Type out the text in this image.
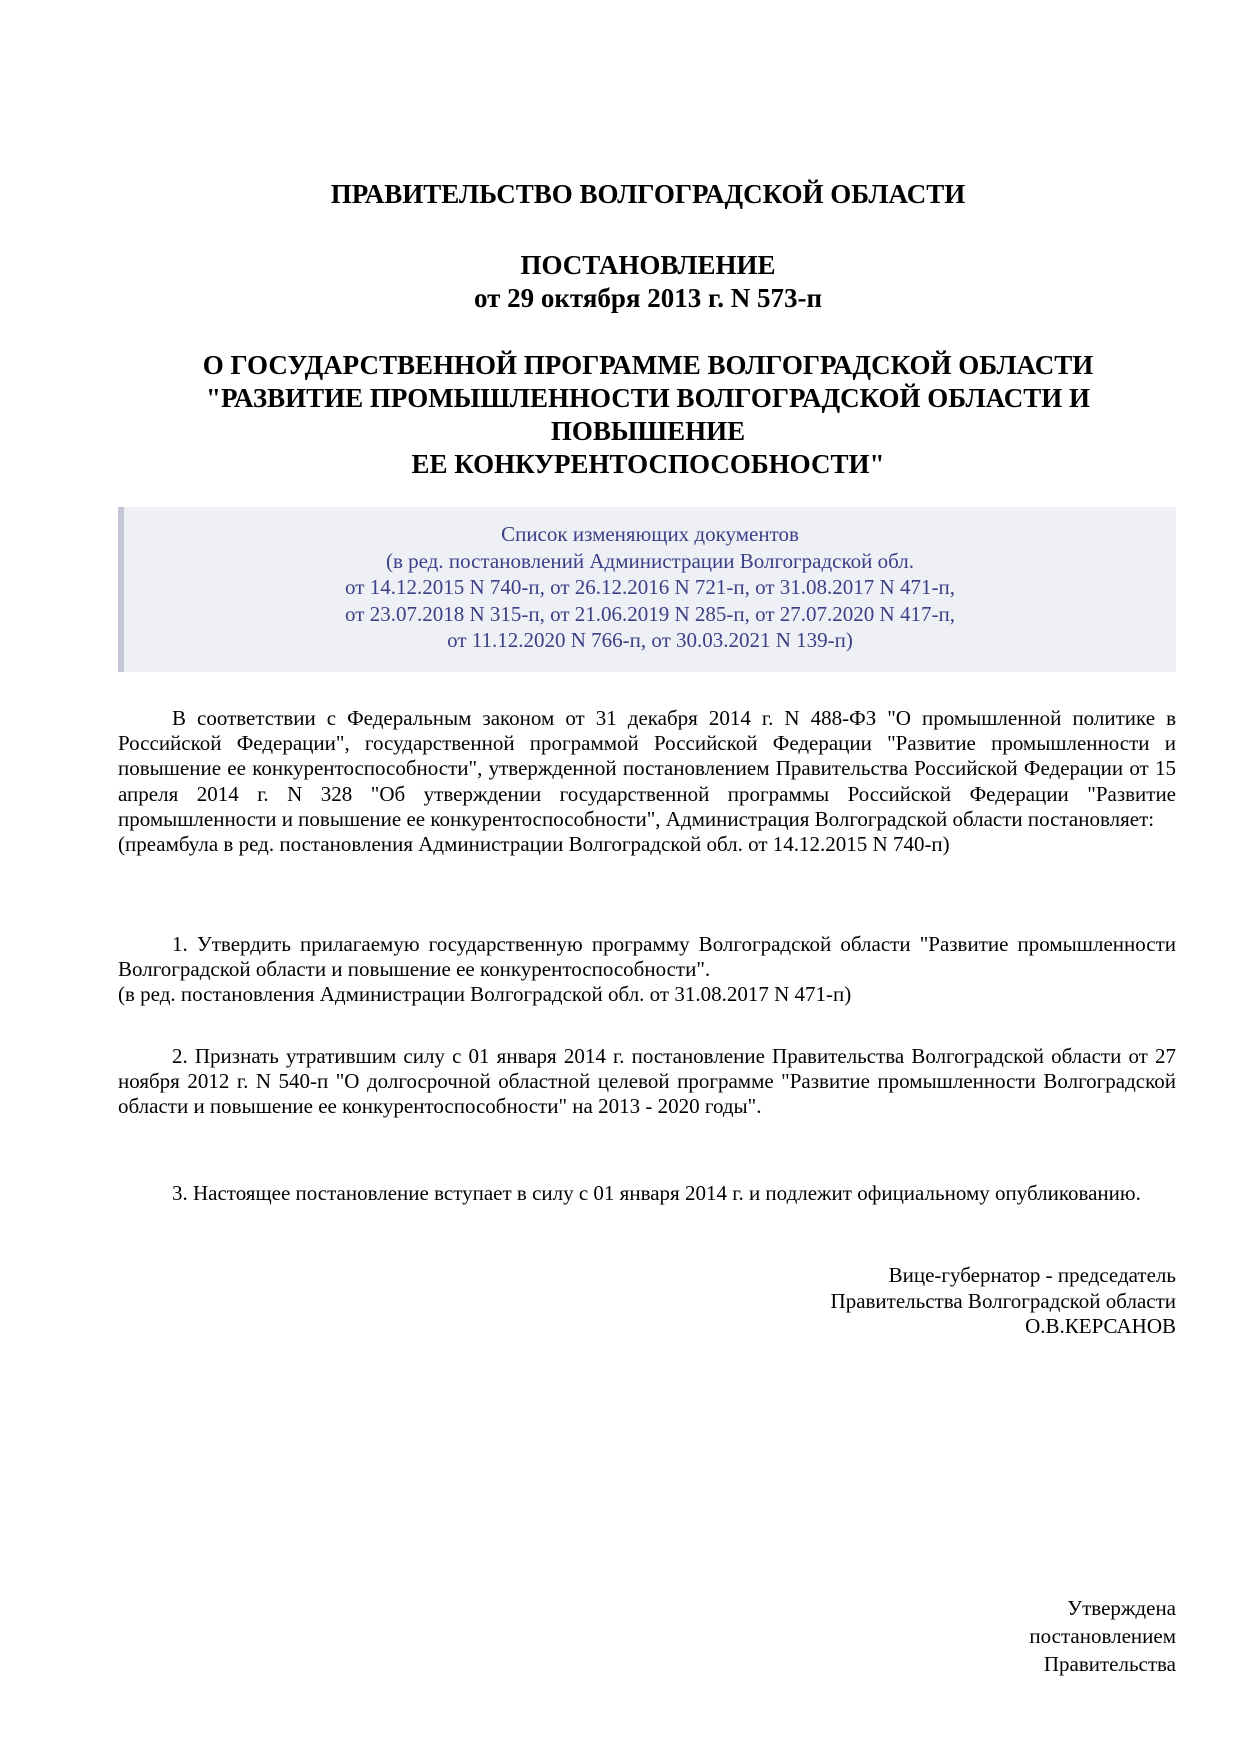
ПРАВИТЕЛЬСТВО ВОЛГОГРАДСКОЙ ОБЛАСТИ
ПОСТАНОВЛЕНИЕ
от 29 октября 2013 г. N 573-п
О ГОСУДАРСТВЕННОЙ ПРОГРАММЕ ВОЛГОГРАДСКОЙ ОБЛАСТИ
"РАЗВИТИЕ ПРОМЫШЛЕННОСТИ ВОЛГОГРАДСКОЙ ОБЛАСТИ И
ПОВЫШЕНИЕ
ЕЕ КОНКУРЕНТОСПОСОБНОСТИ"
Список изменяющих документов
(в ред. постановлений Администрации Волгоградской обл.
от 14.12.2015 N 740-п, от 26.12.2016 N 721-п, от 31.08.2017 N 471-п,
от 23.07.2018 N 315-п, от 21.06.2019 N 285-п, от 27.07.2020 N 417-п,
от 11.12.2020 N 766-п, от 30.03.2021 N 139-п)

В соответствии с Федеральным законом от 31 декабря 2014 г. N 488-ФЗ "О промышленной политике в Российской Федерации", государственной программой Российской Федерации "Развитие промышленности и повышение ее конкурентоспособности", утвержденной постановлением Правительства Российской Федерации от 15 апреля 2014 г. N 328 "Об утверждении государственной программы Российской Федерации "Развитие промышленности и повышение ее конкурентоспособности", Администрация Волгоградской области постановляет:

(преамбула в ред. постановления Администрации Волгоградской обл. от 14.12.2015 N 740-п)

1. Утвердить прилагаемую государственную программу Волгоградской области "Развитие промышленности Волгоградской области и повышение ее конкурентоспособности".

(в ред. постановления Администрации Волгоградской обл. от 31.08.2017 N 471-п)

2. Признать утратившим силу с 01 января 2014 г. постановление Правительства Волгоградской области от 27 ноября 2012 г. N 540-п "О долгосрочной областной целевой программе "Развитие промышленности Волгоградской области и повышение ее конкурентоспособности" на 2013 - 2020 годы".

3. Настоящее постановление вступает в силу с 01 января 2014 г. и подлежит официальному опубликованию.

Вице-губернатор - председатель
Правительства Волгоградской области
О.В.КЕРСАНОВ
Утверждена
постановлением
Правительства
